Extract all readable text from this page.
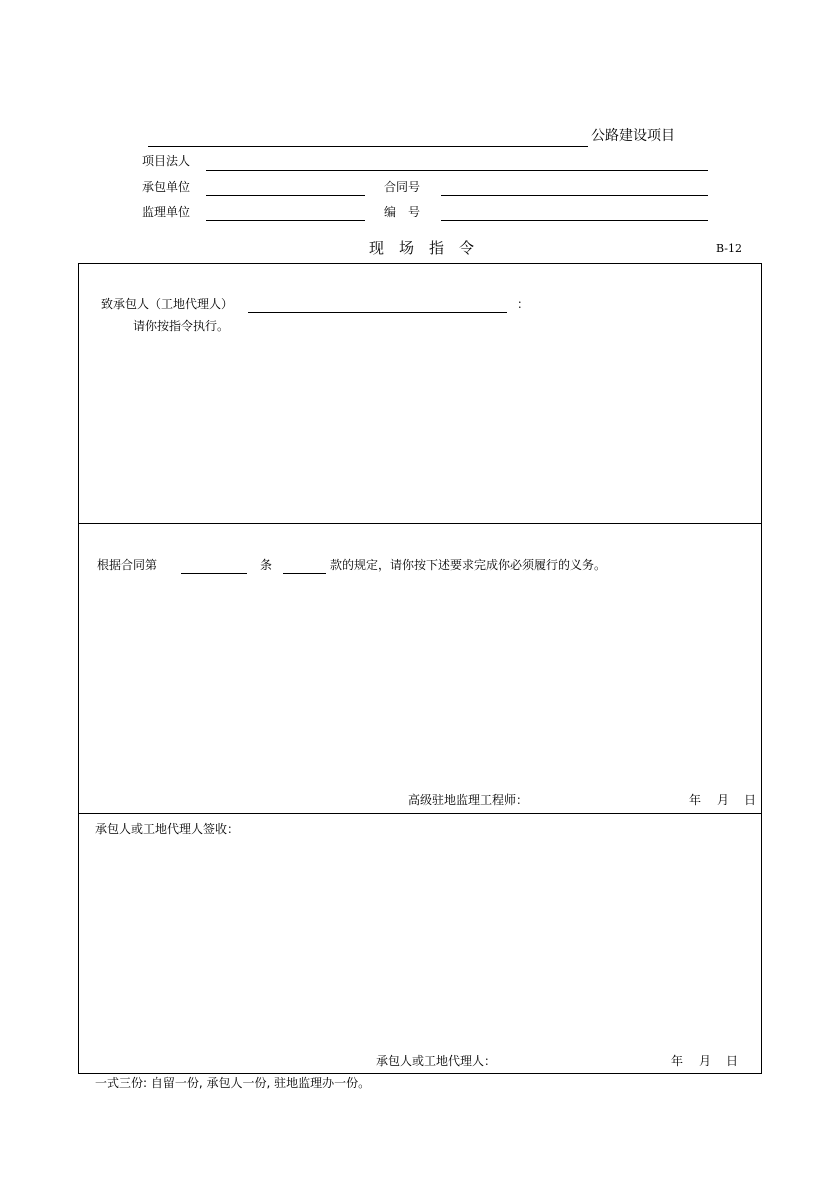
公路建设项目
项目法人
承包单位	合同号
监理单位	编　号
现　场　指　令	B-12
致承包人（工地代理人）	：
请你按指令执行。
根据合同第	条	款的规定，请你按下述要求完成你必须履行的义务。
高级驻地监理工程师：	年 月 日
承包人或工地代理人签收：
承包人或工地代理人：	年 月 日
一式三份: 自留一份, 承包人一份, 驻地监理办一份。
